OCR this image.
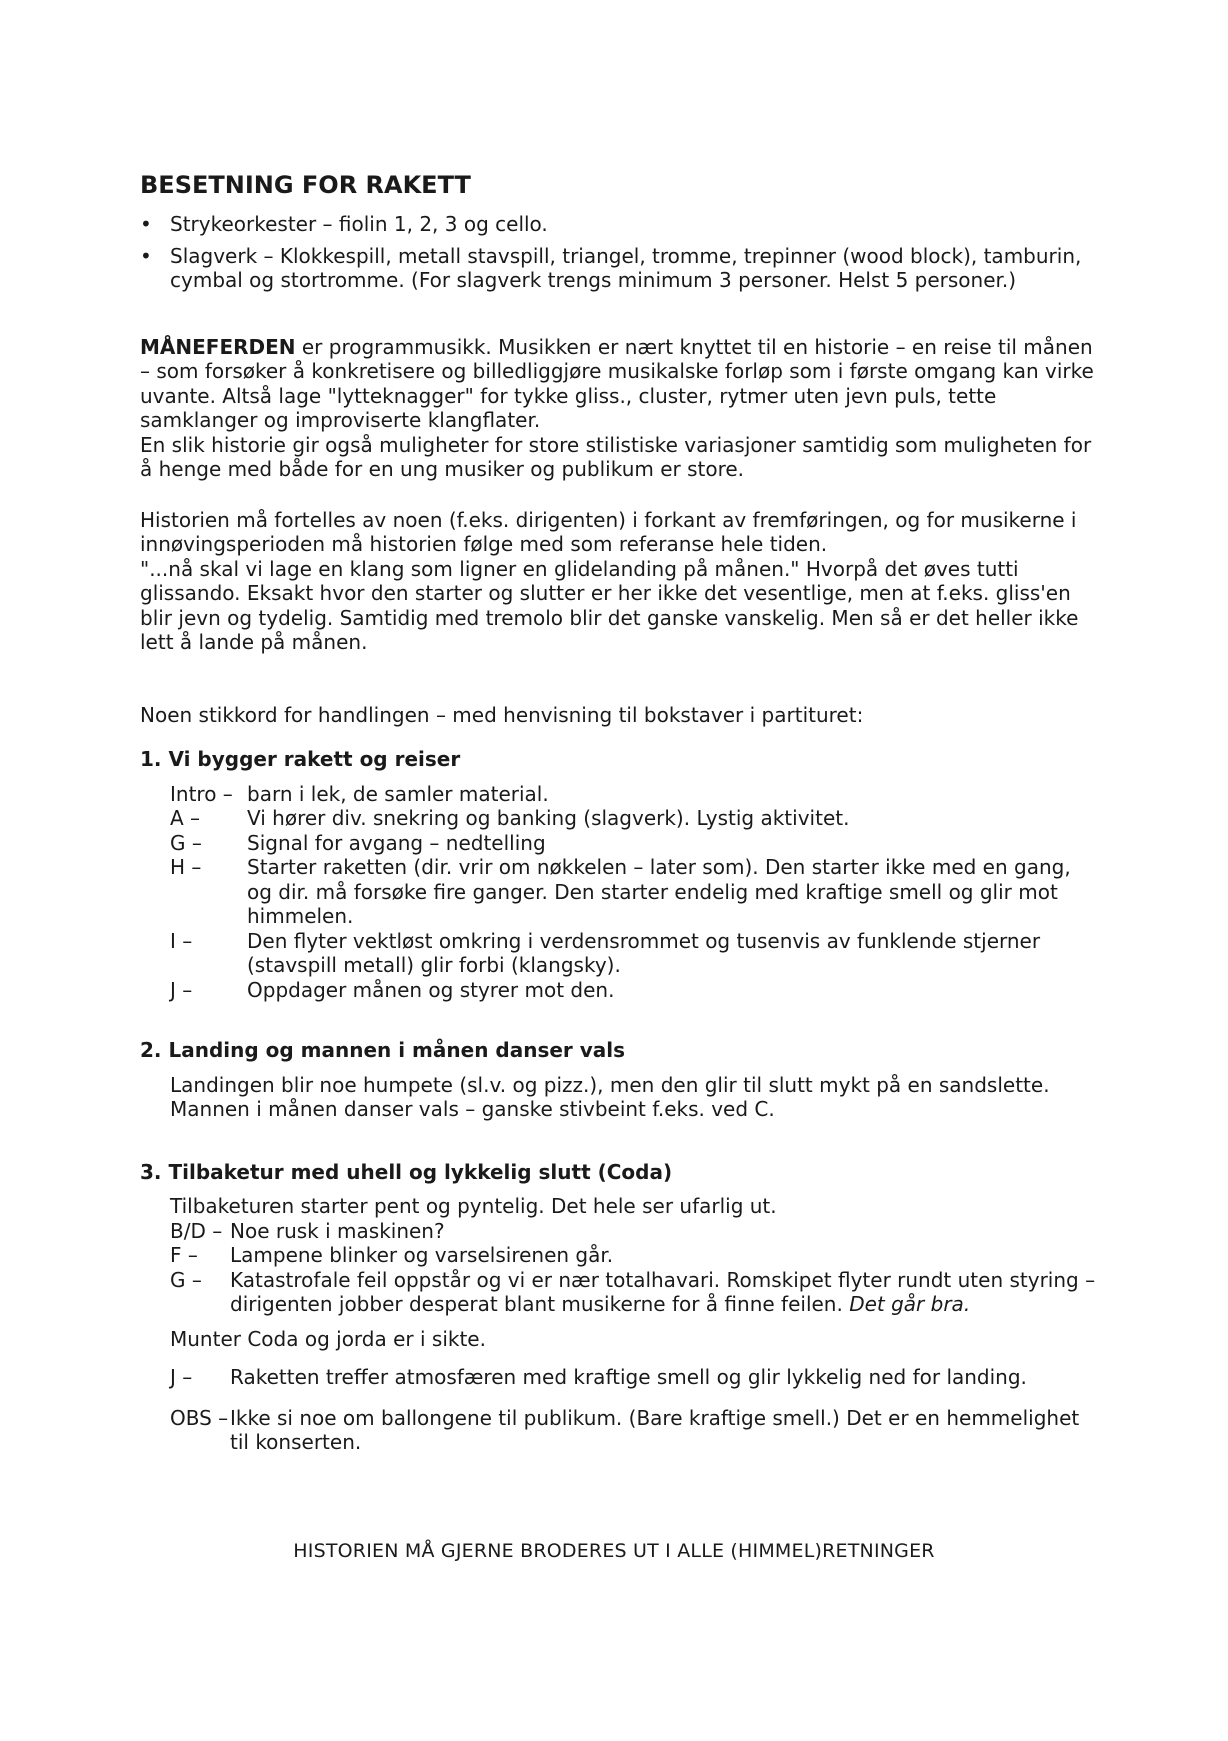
BESETNING FOR RAKETT
• Strykeorkester – fiolin 1, 2, 3 og cello.
• Slagverk – Klokkespill, metall stavspill, triangel, tromme, trepinner (wood block), tamburin, cymbal og stortromme. (For slagverk trengs minimum 3 personer. Helst 5 personer.)

MÅNEFERDEN er programmusikk. Musikken er nært knyttet til en historie – en reise til månen – som forsøker å konkretisere og billedliggjøre musikalske forløp som i første omgang kan virke uvante. Altså lage "lytteknagger" for tykke gliss., cluster, rytmer uten jevn puls, tette samklanger og improviserte klangflater.

En slik historie gir også muligheter for store stilistiske variasjoner samtidig som muligheten for å henge med både for en ung musiker og publikum er store.

Historien må fortelles av noen (f.eks. dirigenten) i forkant av fremføringen, og for musikerne i innøvingsperioden må historien følge med som referanse hele tiden.

"...nå skal vi lage en klang som ligner en glidelanding på månen." Hvorpå det øves tutti glissando. Eksakt hvor den starter og slutter er her ikke det vesentlige, men at f.eks. gliss'en blir jevn og tydelig. Samtidig med tremolo blir det ganske vanskelig. Men så er det heller ikke lett å lande på månen.

Noen stikkord for handlingen – med henvisning til bokstaver i partituret:

1. Vi bygger rakett og reiser
Intro – barn i lek, de samler material.
A –	Vi hører div. snekring og banking (slagverk). Lystig aktivitet.
G –	Signal for avgang – nedtelling
H –	Starter raketten (dir. vrir om nøkkelen – later som). Den starter ikke med en gang, og dir. må forsøke fire ganger. Den starter endelig med kraftige smell og glir mot himmelen.
I –	Den flyter vektløst omkring i verdensrommet og tusenvis av funklende stjerner (stavspill metall) glir forbi (klangsky).
J –	Oppdager månen og styrer mot den.
2. Landing og mannen i månen danser vals
Landingen blir noe humpete (sl.v. og pizz.), men den glir til slutt mykt på en sandslette.
Mannen i månen danser vals – ganske stivbeint f.eks. ved C.
3. Tilbaketur med uhell og lykkelig slutt (Coda)
Tilbaketuren starter pent og pyntelig. Det hele ser ufarlig ut.
B/D – Noe rusk i maskinen?
F –	Lampene blinker og varselsirenen går.
G –	Katastrofale feil oppstår og vi er nær totalhavari. Romskipet flyter rundt uten styring – dirigenten jobber desperat blant musikerne for å finne feilen. Det går bra.
Munter Coda og jorda er i sikte.
J –	Raketten treffer atmosfæren med kraftige smell og glir lykkelig ned for landing.
OBS – Ikke si noe om ballongene til publikum. (Bare kraftige smell.) Det er en hemmelighet til konserten.
HISTORIEN MÅ GJERNE BRODERES UT I ALLE (HIMMEL)RETNINGER
